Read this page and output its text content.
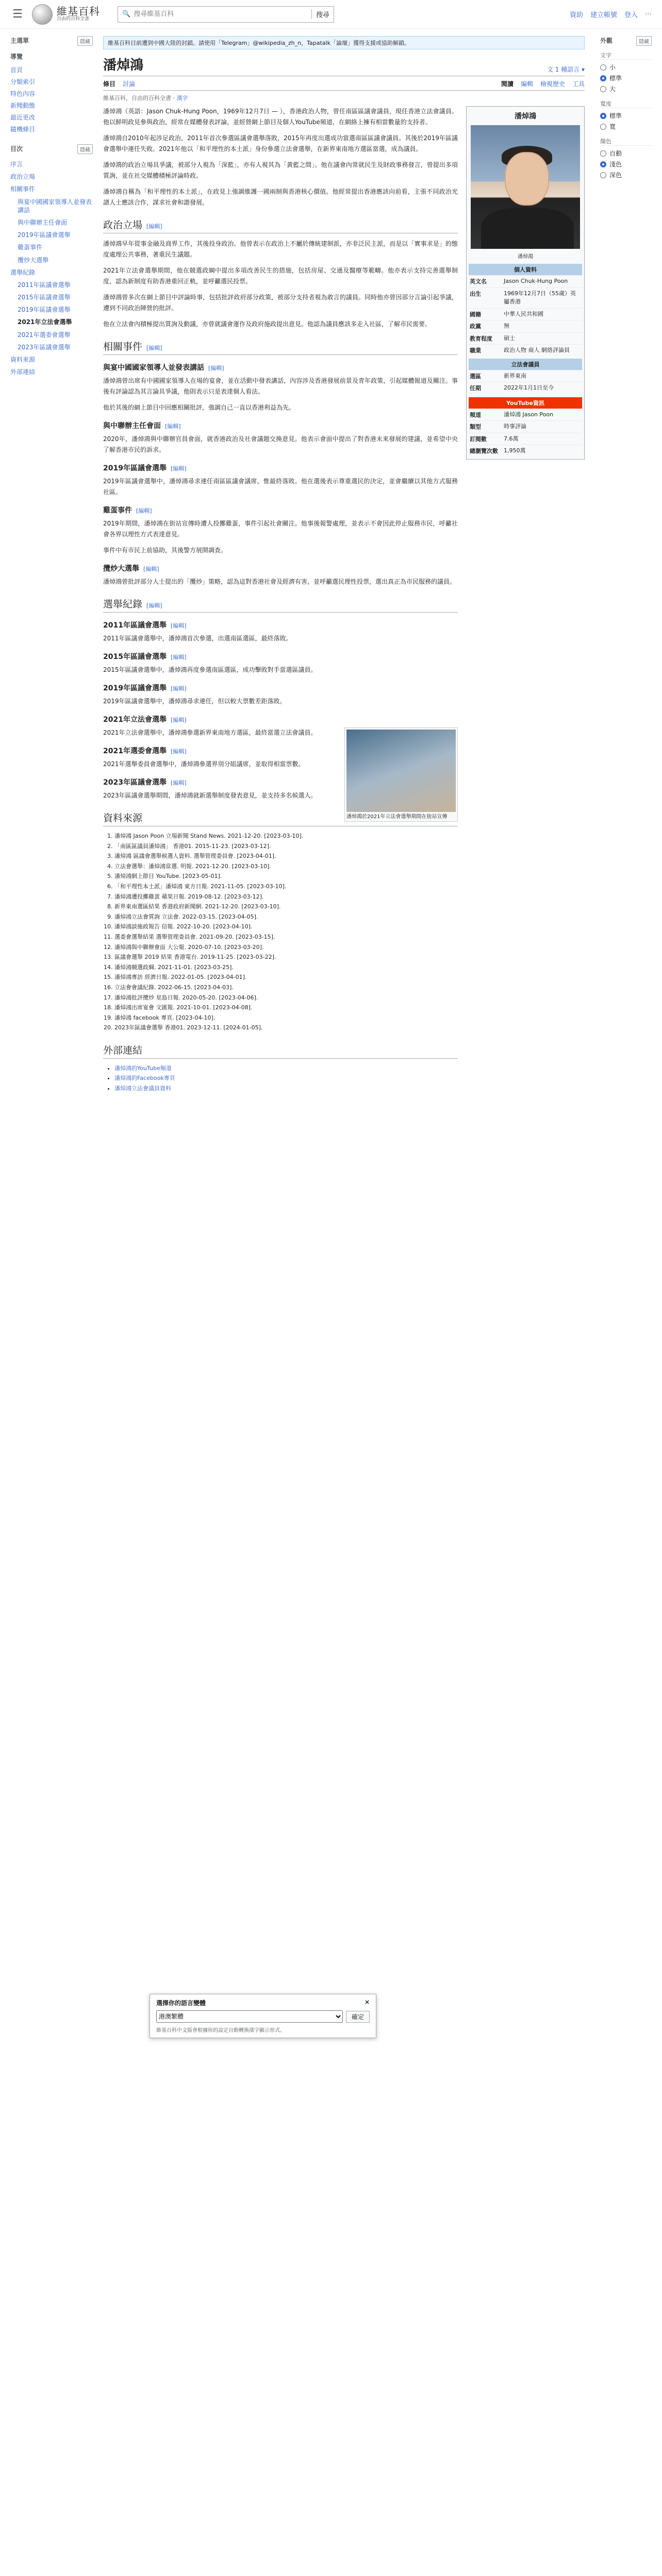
☰	維基百科
自由的百科全書
🔍
搜尋維基百科	搜尋	資助 建立帳號 登入 ⋯
主選單	隱藏
導覽
首頁
分類索引
特色內容
新聞動態
最近更改
隨機條目
目次	隱藏
序言
政治立場
相關事件
與宴中國國家領導人並發表講話
與中聯辦主任會面
2019年區議會選舉
雞蛋事件
攬炒大選舉
選舉紀錄
2011年區議會選舉
2015年區議會選舉
2019年區議會選舉
2021年立法會選舉
2021年選委會選舉
2023年區議會選舉
資料來源
外部連結
維基百科目前遭到中國大陸的封鎖。請使用「Telegram」@wikipedia_zh_n，Tapatalk「論壇」獲得支援或協助解鎖。
潘焯鴻	文 1 種語言 ▾
條目 討論	閱讀 編輯 檢視歷史 工具
維基百科，自由的百科全書 · 漢字

潘焯鴻（英語：Jason Chuk-Hung Poon，1969年12月7日 — ），香港政治人物，曾任南區區議會議員，現任香港立法會議員。他以鮮明政見參與政治，經常在媒體發表評論，並經營網上節目及個人YouTube頻道，在網絡上擁有相當數量的支持者。

潘焯鴻自2010年起涉足政治，2011年首次參選區議會選舉落敗，2015年再度出選成功當選南區區議會議員。其後於2019年區議會選舉中連任失敗。2021年他以「和平理性的本土派」身份參選立法會選舉，在新界東南地方選區當選，成為議員。

潘焯鴻的政治立場具爭議，被部分人視為「深藍」，亦有人視其為「黃藍之間」。他在議會內常就民生及財政事務發言，曾提出多項質詢，並在社交媒體積極評論時政。

潘焯鴻自稱為「和平理性的本土派」，在政見上強調維護一國兩制與香港核心價值。他經常提出香港應該向前看，主張不同政治光譜人士應該合作，謀求社會和諧發展。

政治立場 [編輯]

潘焯鴻早年從事金融及商界工作，其後投身政治。他曾表示在政治上不屬於傳統建制派，亦非泛民主派，而是以「實事求是」的態度處理公共事務，著重民生議題。

2021年立法會選舉期間，他在競選政綱中提出多項改善民生的措施，包括房屋、交通及醫療等範疇。他亦表示支持完善選舉制度，認為新制度有助香港重回正軌，並呼籲選民投票。

潘焯鴻曾多次在網上節目中評論時事，包括批評政府部分政策，被部分支持者視為敢言的議員。同時他亦曾因部分言論引起爭議，遭到不同政治陣營的批評。

他在立法會內積極提出質詢及動議，亦曾就議會運作及政府施政提出意見。他認為議員應該多走入社區，了解市民需要。

相關事件 [編輯]
與宴中國國家領導人並發表講話 [編輯]

潘焯鴻曾出席有中國國家領導人在場的宴會，並在活動中發表講話，內容涉及香港發展前景及青年政策，引起媒體報道及關注。事後有評論認為其言論具爭議，他則表示只是表達個人看法。

他於其後的網上節目中回應相關批評，強調自己一直以香港利益為先。

與中聯辦主任會面 [編輯]

2020年，潘焯鴻與中聯辦官員會面，就香港政治及社會議題交換意見。他表示會面中提出了對香港未來發展的建議，並希望中央了解香港市民的訴求。

2019年區議會選舉 [編輯]

2019年區議會選舉中，潘焯鴻尋求連任南區區議會議席，惟最終落敗。他在選後表示尊重選民的決定，並會繼續以其他方式服務社區。

雞蛋事件 [編輯]

2019年期間，潘焯鴻在街站宣傳時遭人投擲雞蛋，事件引起社會關注。他事後報警處理，並表示不會因此停止服務市民，呼籲社會各界以理性方式表達意見。

事件中有市民上前協助，其後警方展開調查。

攬炒大選舉 [編輯]

潘焯鴻曾批評部分人士提出的「攬炒」策略，認為這對香港社會及經濟有害，並呼籲選民理性投票，選出真正為市民服務的議員。

選舉紀錄 [編輯]
2011年區議會選舉 [編輯]

2011年區議會選舉中，潘焯鴻首次參選，出選南區選區，最終落敗。

2015年區議會選舉 [編輯]

2015年區議會選舉中，潘焯鴻再度參選南區選區，成功擊敗對手當選區議員。

2019年區議會選舉 [編輯]

2019年區議會選舉中，潘焯鴻尋求連任，但以較大票數差距落敗。

2021年立法會選舉 [編輯]
潘焯鴻於2021年立法會選舉期間在街站宣傳

2021年立法會選舉中，潘焯鴻參選新界東南地方選區，最終當選立法會議員。

2021年選委會選舉 [編輯]

2021年選舉委員會選舉中，潘焯鴻參選界別分組議席，並取得相當票數。

2023年區議會選舉 [編輯]

2023年區議會選舉期間，潘焯鴻就新選舉制度發表意見，並支持多名候選人。

資料來源
1. 潘焯鴻 Jason Poon 立場新聞 Stand News. 2021-12-20. [2023-03-10].
2. 「南區區議員潘焯鴻」 香港01. 2015-11-23. [2023-03-12].
3. 潘焯鴻 區議會選舉候選人資料. 選舉管理委員會. [2023-04-01].
4. 立法會選舉：潘焯鴻當選. 明報. 2021-12-20. [2023-03-10].
5. 潘焯鴻網上節目 YouTube. [2023-05-01].
6. 「和平理性本土派」潘焯鴻 東方日報. 2021-11-05. [2023-03-10].
7. 潘焯鴻遭投擲雞蛋 蘋果日報. 2019-08-12. [2023-03-12].
8. 新界東南選區結果 香港政府新聞網. 2021-12-20. [2023-03-10].
9. 潘焯鴻立法會質詢 立法會. 2022-03-15. [2023-04-05].
10. 潘焯鴻談施政報告 信報. 2022-10-20. [2023-04-10].
11. 選委會選舉結果 選舉管理委員會. 2021-09-20. [2023-03-15].
12. 潘焯鴻與中聯辦會面 大公報. 2020-07-10. [2023-03-20].
13. 區議會選舉 2019 結果 香港電台. 2019-11-25. [2023-03-22].
14. 潘焯鴻競選政綱. 2021-11-01. [2023-03-25].
15. 潘焯鴻專訪 經濟日報. 2022-01-05. [2023-04-01].
16. 立法會會議紀錄. 2022-06-15. [2023-04-03].
17. 潘焯鴻批評攬炒 星島日報. 2020-05-20. [2023-04-06].
18. 潘焯鴻出席宴會 文匯報. 2021-10-01. [2023-04-08].
19. 潘焯鴻 facebook 專頁. [2023-04-10].
20. 2023年區議會選舉 香港01. 2023-12-11. [2024-01-05].
外部連結
• 潘焯鴻的YouTube頻道
• 潘焯鴻的Facebook專頁
• 潘焯鴻立法會議員資料
潘焯鴻
潘焯鴻
個人資料
英文名	Jason Chuk-Hung Poon
出生	1969年12月7日（55歲）英屬香港
國籍	中華人民共和國
政黨	無
教育程度	碩士
職業	政治人物 商人 網絡評論員
立法會議員
選區	新界東南
任期	2022年1月1日至今
YouTube資訊
頻道	潘焯鴻 Jason Poon
類型	時事評論
訂閱數	7.6萬
總瀏覽次數	1,950萬
外觀	隱藏
文字
小
標準
大
寬度
標準
寬
顏色
自動
淺色
深色
選擇你的語言變體	×
港澳繁體
確定
維基百科中文版會根據你的設定自動轉換漢字顯示形式。
